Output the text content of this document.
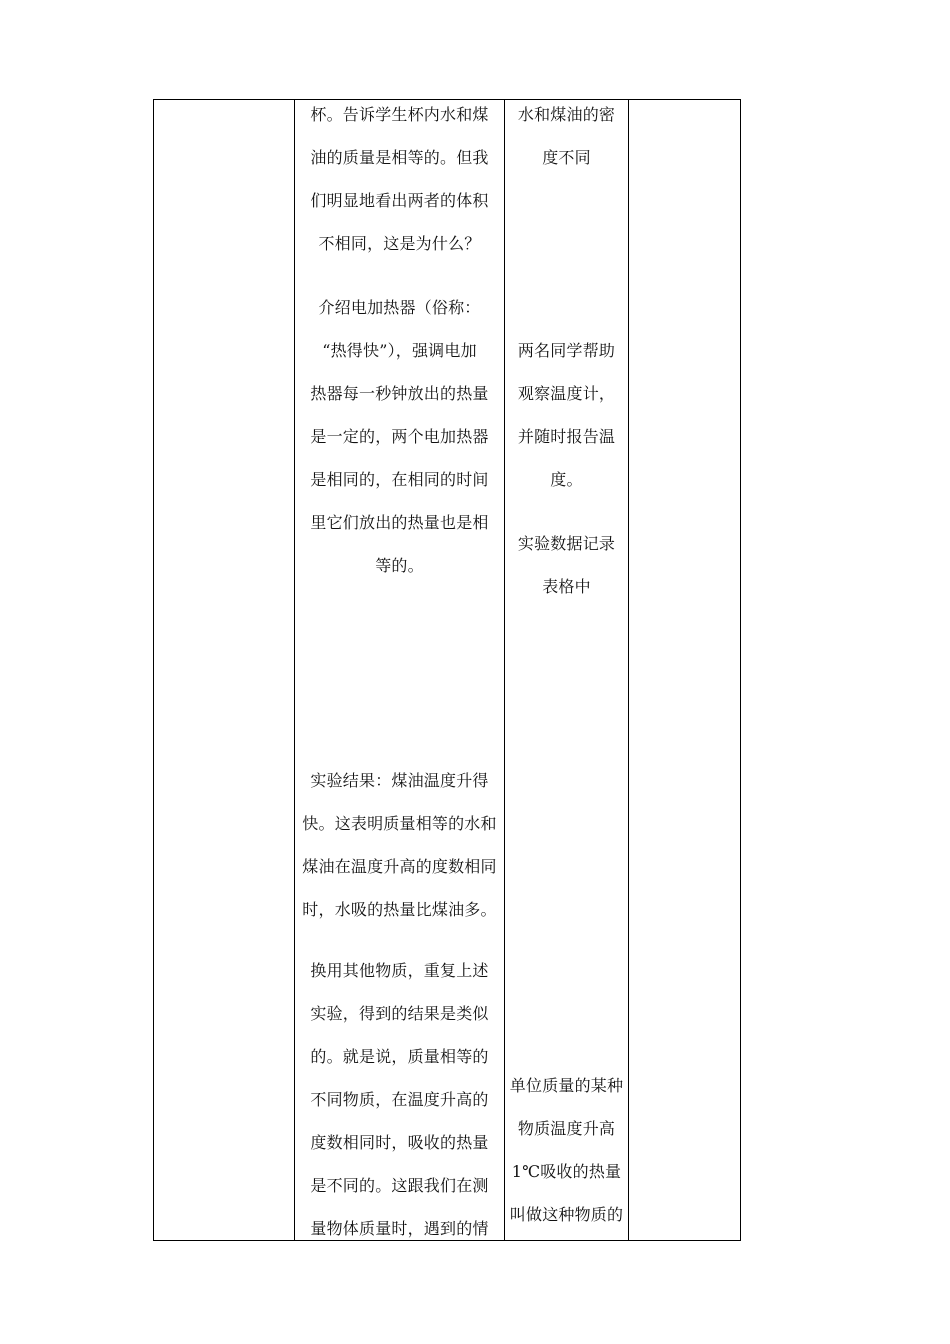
杯。告诉学生杯内水和煤
油的质量是相等的。但我
们明显地看出两者的体积
不相同，这是为什么？
介绍电加热器（俗称：
“热得快”），强调电加
热器每一秒钟放出的热量
是一定的，两个电加热器
是相同的，在相同的时间
里它们放出的热量也是相
等的。
实验结果：煤油温度升得
快。这表明质量相等的水和
煤油在温度升高的度数相同
时，水吸的热量比煤油多。
换用其他物质，重复上述
实验，得到的结果是类似
的。就是说，质量相等的
不同物质，在温度升高的
度数相同时，吸收的热量
是不同的。这跟我们在测
量物体质量时，遇到的情
水和煤油的密
度不同
两名同学帮助
观察温度计，
并随时报告温
度。
实验数据记录
表格中
单位质量的某种
物质温度升高
1℃吸收的热量
叫做这种物质的
